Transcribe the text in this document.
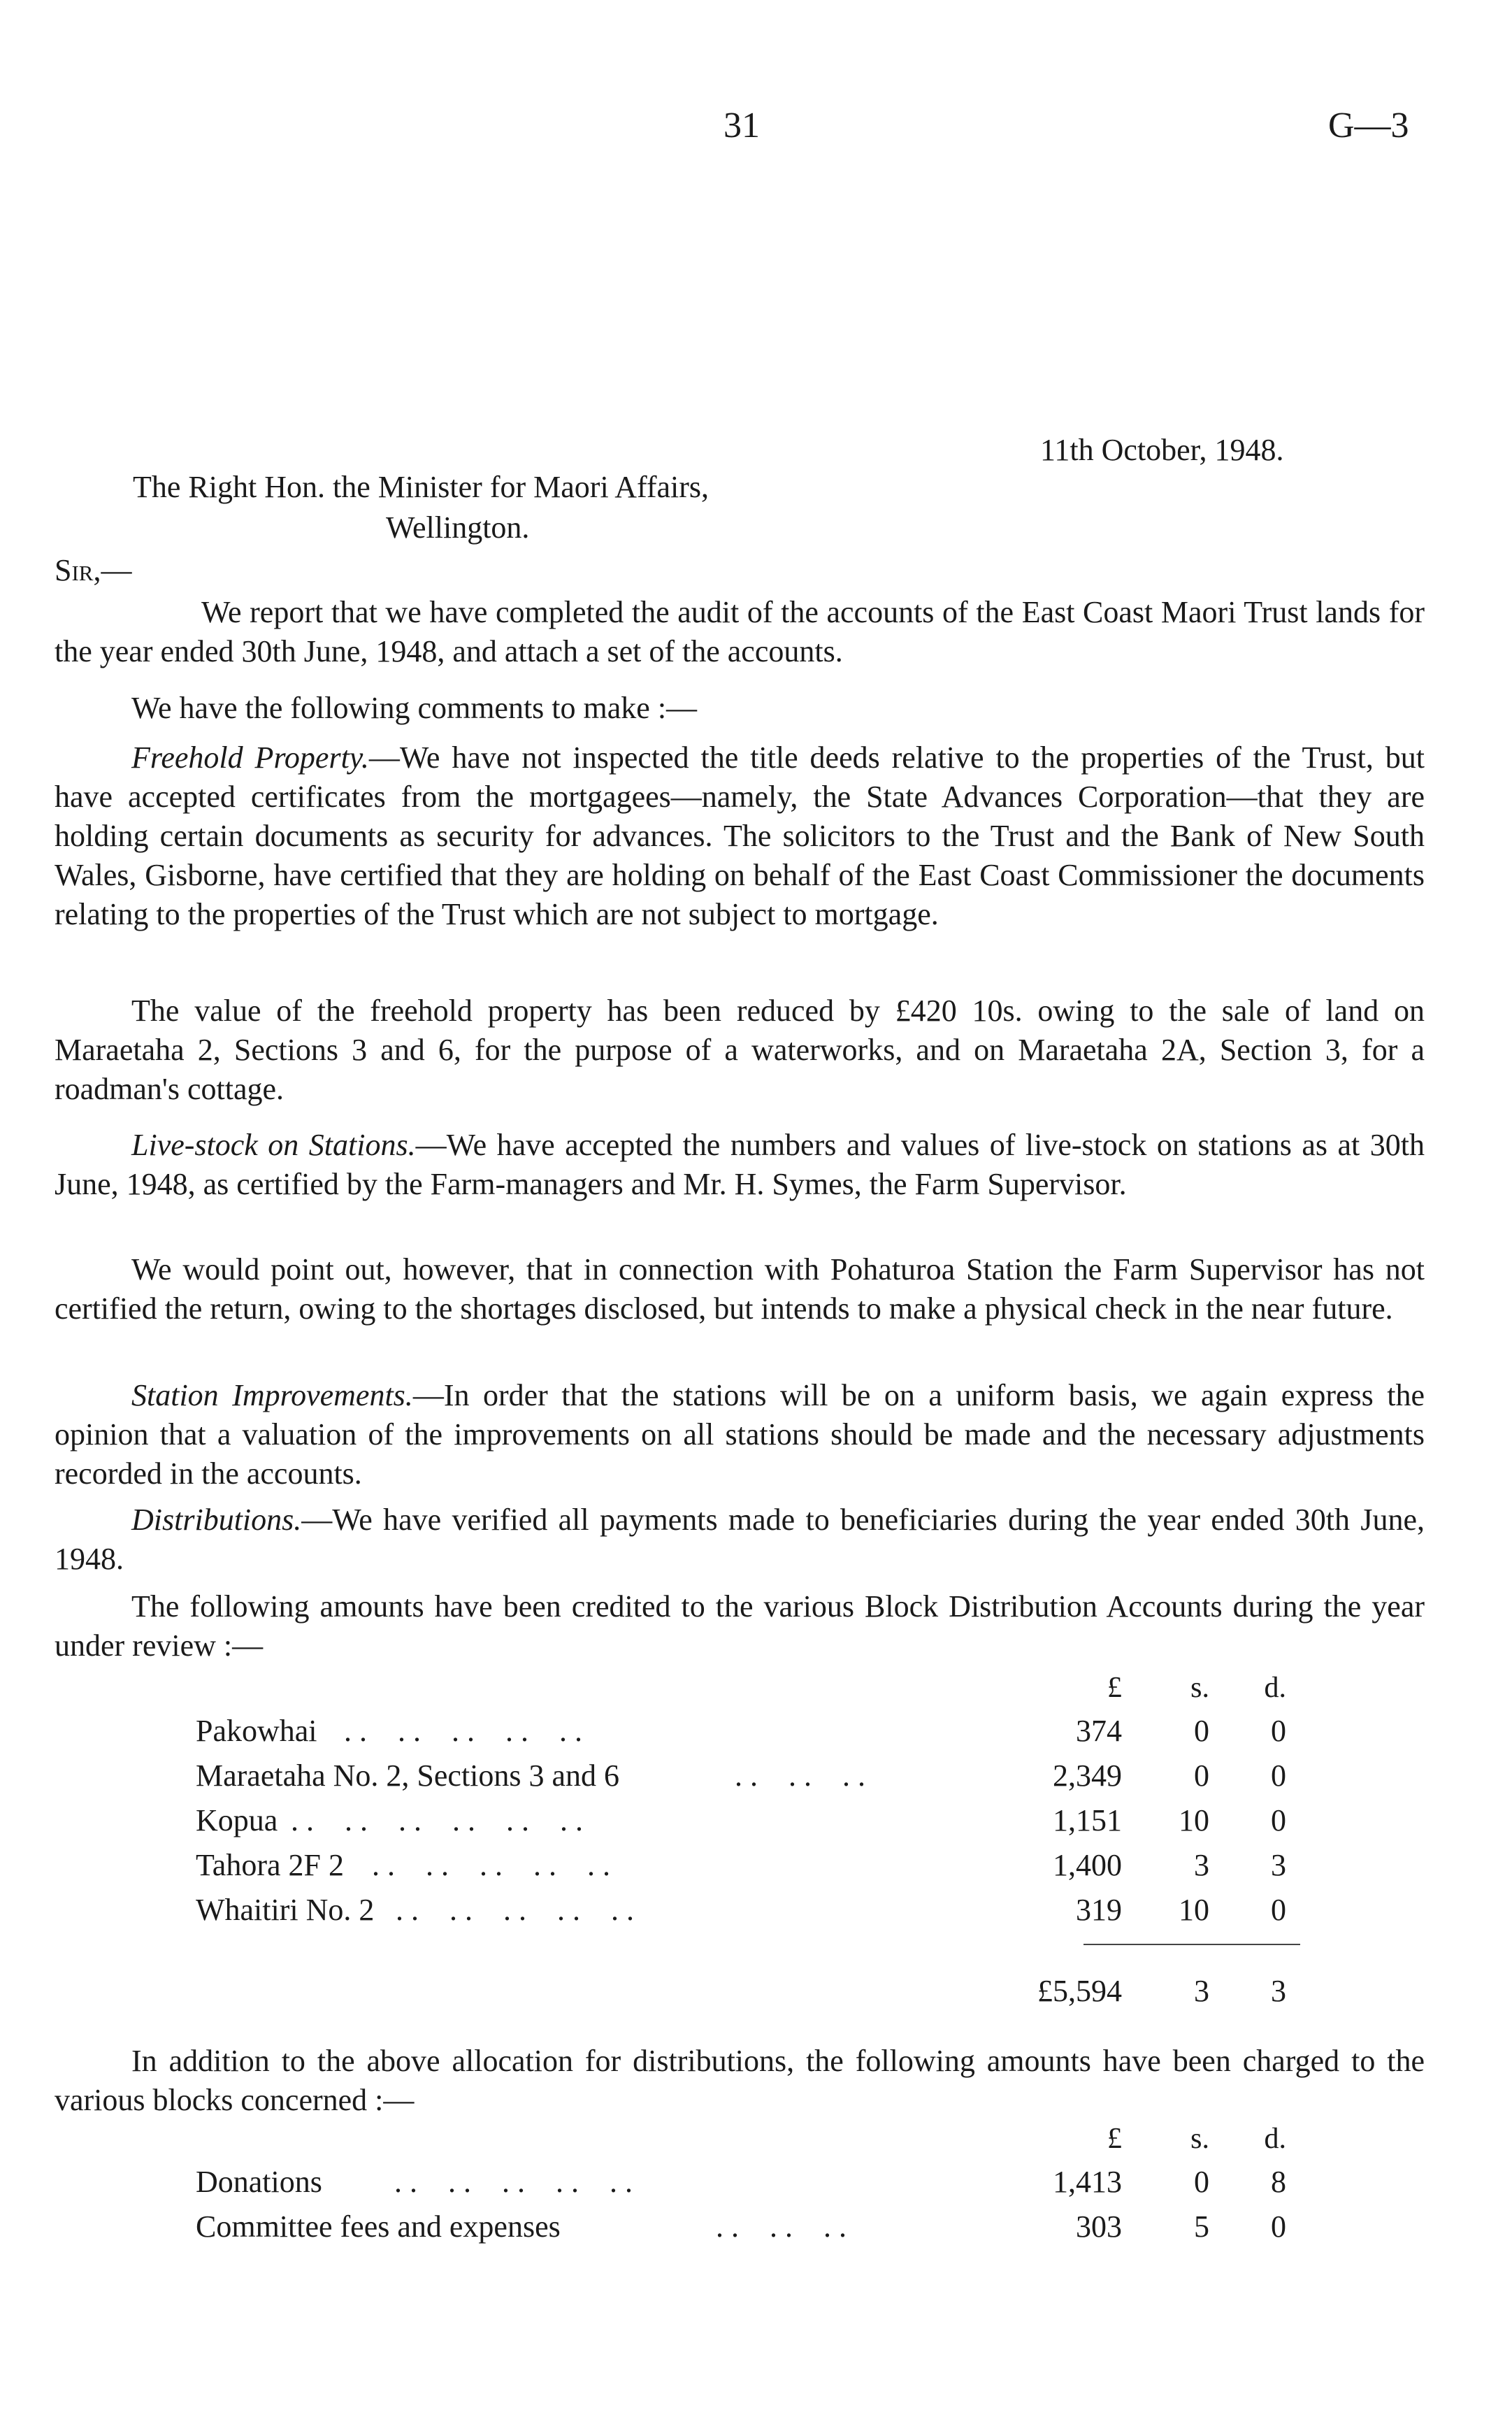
31	G—3
11th October, 1948.
The Right Hon. the Minister for Maori Affairs,
Wellington.
Sir,—
We report that we have completed the audit of the accounts of the East Coast Maori Trust lands for the year ended 30th June, 1948, and attach a set of the accounts.
We have the following comments to make :—
Freehold Property.—We have not inspected the title deeds relative to the properties of the Trust, but have accepted certificates from the mortgagees—namely, the State Advances Corporation—that they are holding certain documents as security for advances. The solicitors to the Trust and the Bank of New South Wales, Gisborne, have certified that they are holding on behalf of the East Coast Commissioner the documents relating to the properties of the Trust which are not subject to mortgage.
The value of the freehold property has been reduced by £420 10s. owing to the sale of land on Maraetaha 2, Sections 3 and 6, for the purpose of a waterworks, and on Maraetaha 2A, Section 3, for a roadman's cottage.
Live-stock on Stations.—We have accepted the numbers and values of live-stock on stations as at 30th June, 1948, as certified by the Farm-managers and Mr. H. Symes, the Farm Supervisor.
We would point out, however, that in connection with Pohaturoa Station the Farm Supervisor has not certified the return, owing to the shortages disclosed, but intends to make a physical check in the near future.
Station Improvements.—In order that the stations will be on a uniform basis, we again express the opinion that a valuation of the improvements on all stations should be made and the necessary adjustments recorded in the accounts.
Distributions.—We have verified all payments made to beneficiaries during the year ended 30th June, 1948.
The following amounts have been credited to the various Block Distribution Accounts during the year under review :—
£	s.	d.
Pakowhai . .    . .    . .    . .    . .	374	0	0
Maraetaha No. 2, Sections 3 and 6	. .    . .    . .	2,349	0	0
Kopua . .    . .    . .    . .    . .    . .	1,151	10	0
Tahora 2F 2 . .    . .    . .    . .    . .	1,400	3	3
Whaitiri No. 2 . .    . .    . .    . .    . .	319	10	0
£5,594	3	3
In addition to the above allocation for distributions, the following amounts have been charged to the various blocks concerned :—
£	s.	d.
Donations . .    . .    . .    . .    . .	1,413	0	8
Committee fees and expenses	. .    . .    . .	303	5	0
